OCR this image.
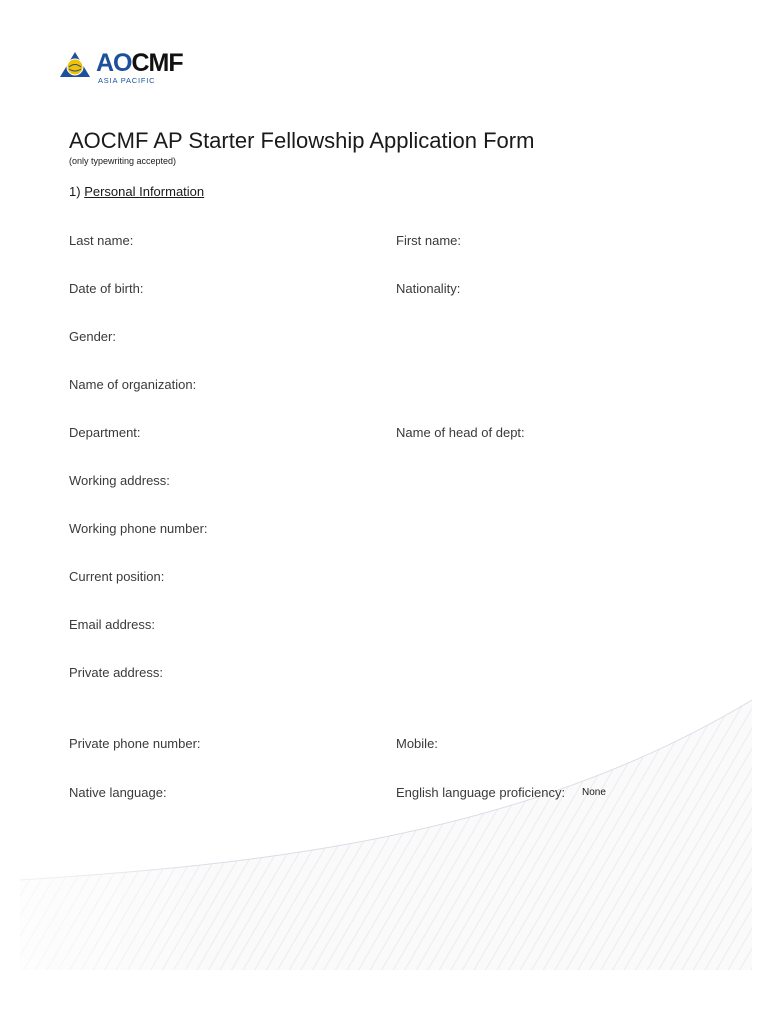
AOCMF
ASIA PACIFIC
AOCMF AP Starter Fellowship Application Form
(only typewriting accepted)
1) Personal Information
Last name:	First name:
Date of birth:	Nationality:
Gender:
Name of organization:
Department:	Name of head of dept:
Working address:
Working phone number:
Current position:
Email address:
Private address:
Private phone number:	Mobile:
Native language:	English language proficiency: None
